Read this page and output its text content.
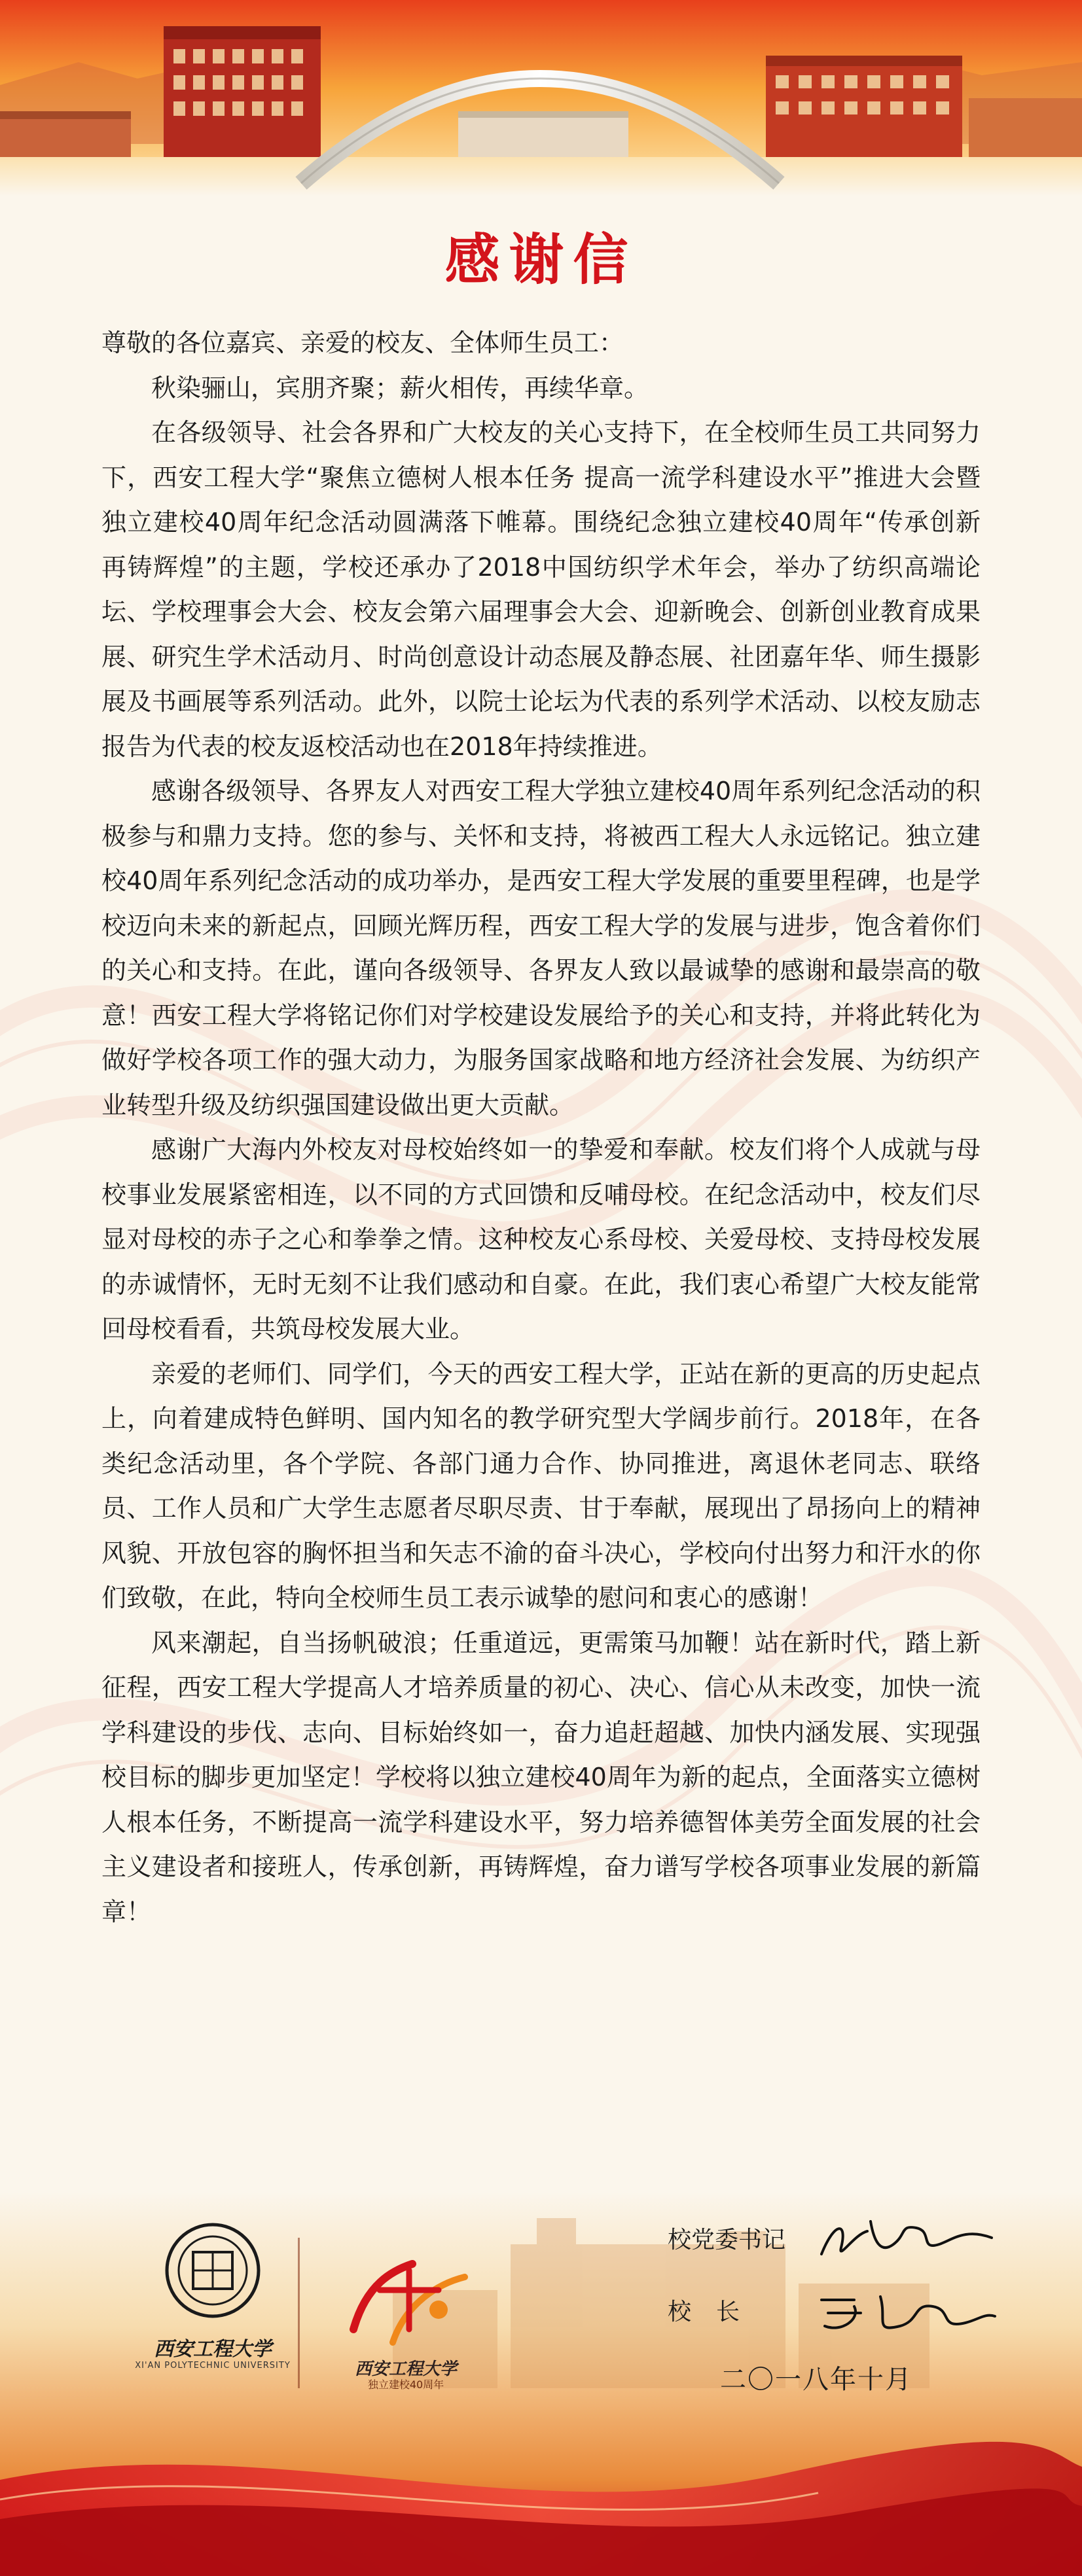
感谢信

尊敬的各位嘉宾、亲爱的校友、全体师生员工：

秋染骊山，宾朋齐聚；薪火相传，再续华章。

在各级领导、社会各界和广大校友的关心支持下，在全校师生员工共同努力下，西安工程大学“聚焦立德树人根本任务 提高一流学科建设水平”推进大会暨独立建校40周年纪念活动圆满落下帷幕。围绕纪念独立建校40周年“传承创新 再铸辉煌”的主题，学校还承办了2018中国纺织学术年会，举办了纺织高端论坛、学校理事会大会、校友会第六届理事会大会、迎新晚会、创新创业教育成果展、研究生学术活动月、时尚创意设计动态展及静态展、社团嘉年华、师生摄影展及书画展等系列活动。此外，以院士论坛为代表的系列学术活动、以校友励志报告为代表的校友返校活动也在2018年持续推进。

感谢各级领导、各界友人对西安工程大学独立建校40周年系列纪念活动的积极参与和鼎力支持。您的参与、关怀和支持，将被西工程大人永远铭记。独立建校40周年系列纪念活动的成功举办，是西安工程大学发展的重要里程碑，也是学校迈向未来的新起点，回顾光辉历程，西安工程大学的发展与进步，饱含着你们的关心和支持。在此，谨向各级领导、各界友人致以最诚挚的感谢和最崇高的敬意！西安工程大学将铭记你们对学校建设发展给予的关心和支持，并将此转化为做好学校各项工作的强大动力，为服务国家战略和地方经济社会发展、为纺织产业转型升级及纺织强国建设做出更大贡献。

感谢广大海内外校友对母校始终如一的挚爱和奉献。校友们将个人成就与母校事业发展紧密相连，以不同的方式回馈和反哺母校。在纪念活动中，校友们尽显对母校的赤子之心和拳拳之情。这种校友心系母校、关爱母校、支持母校发展的赤诚情怀，无时无刻不让我们感动和自豪。在此，我们衷心希望广大校友能常回母校看看，共筑母校发展大业。

亲爱的老师们、同学们，今天的西安工程大学，正站在新的更高的历史起点上，向着建成特色鲜明、国内知名的教学研究型大学阔步前行。2018年，在各类纪念活动里，各个学院、各部门通力合作、协同推进，离退休老同志、联络员、工作人员和广大学生志愿者尽职尽责、甘于奉献，展现出了昂扬向上的精神风貌、开放包容的胸怀担当和矢志不渝的奋斗决心，学校向付出努力和汗水的你们致敬，在此，特向全校师生员工表示诚挚的慰问和衷心的感谢！

风来潮起，自当扬帆破浪；任重道远，更需策马加鞭！站在新时代，踏上新征程，西安工程大学提高人才培养质量的初心、决心、信心从未改变，加快一流学科建设的步伐、志向、目标始终如一，奋力追赶超越、加快内涵发展、实现强校目标的脚步更加坚定！学校将以独立建校40周年为新的起点，全面落实立德树人根本任务，不断提高一流学科建设水平，努力培养德智体美劳全面发展的社会主义建设者和接班人，传承创新，再铸辉煌，奋力谱写学校各项事业发展的新篇章！

西安工程大学
XI'AN POLYTECHNIC UNIVERSITY	西安工程大学
独立建校40周年
校党委书记
校长
二〇一八年十月
